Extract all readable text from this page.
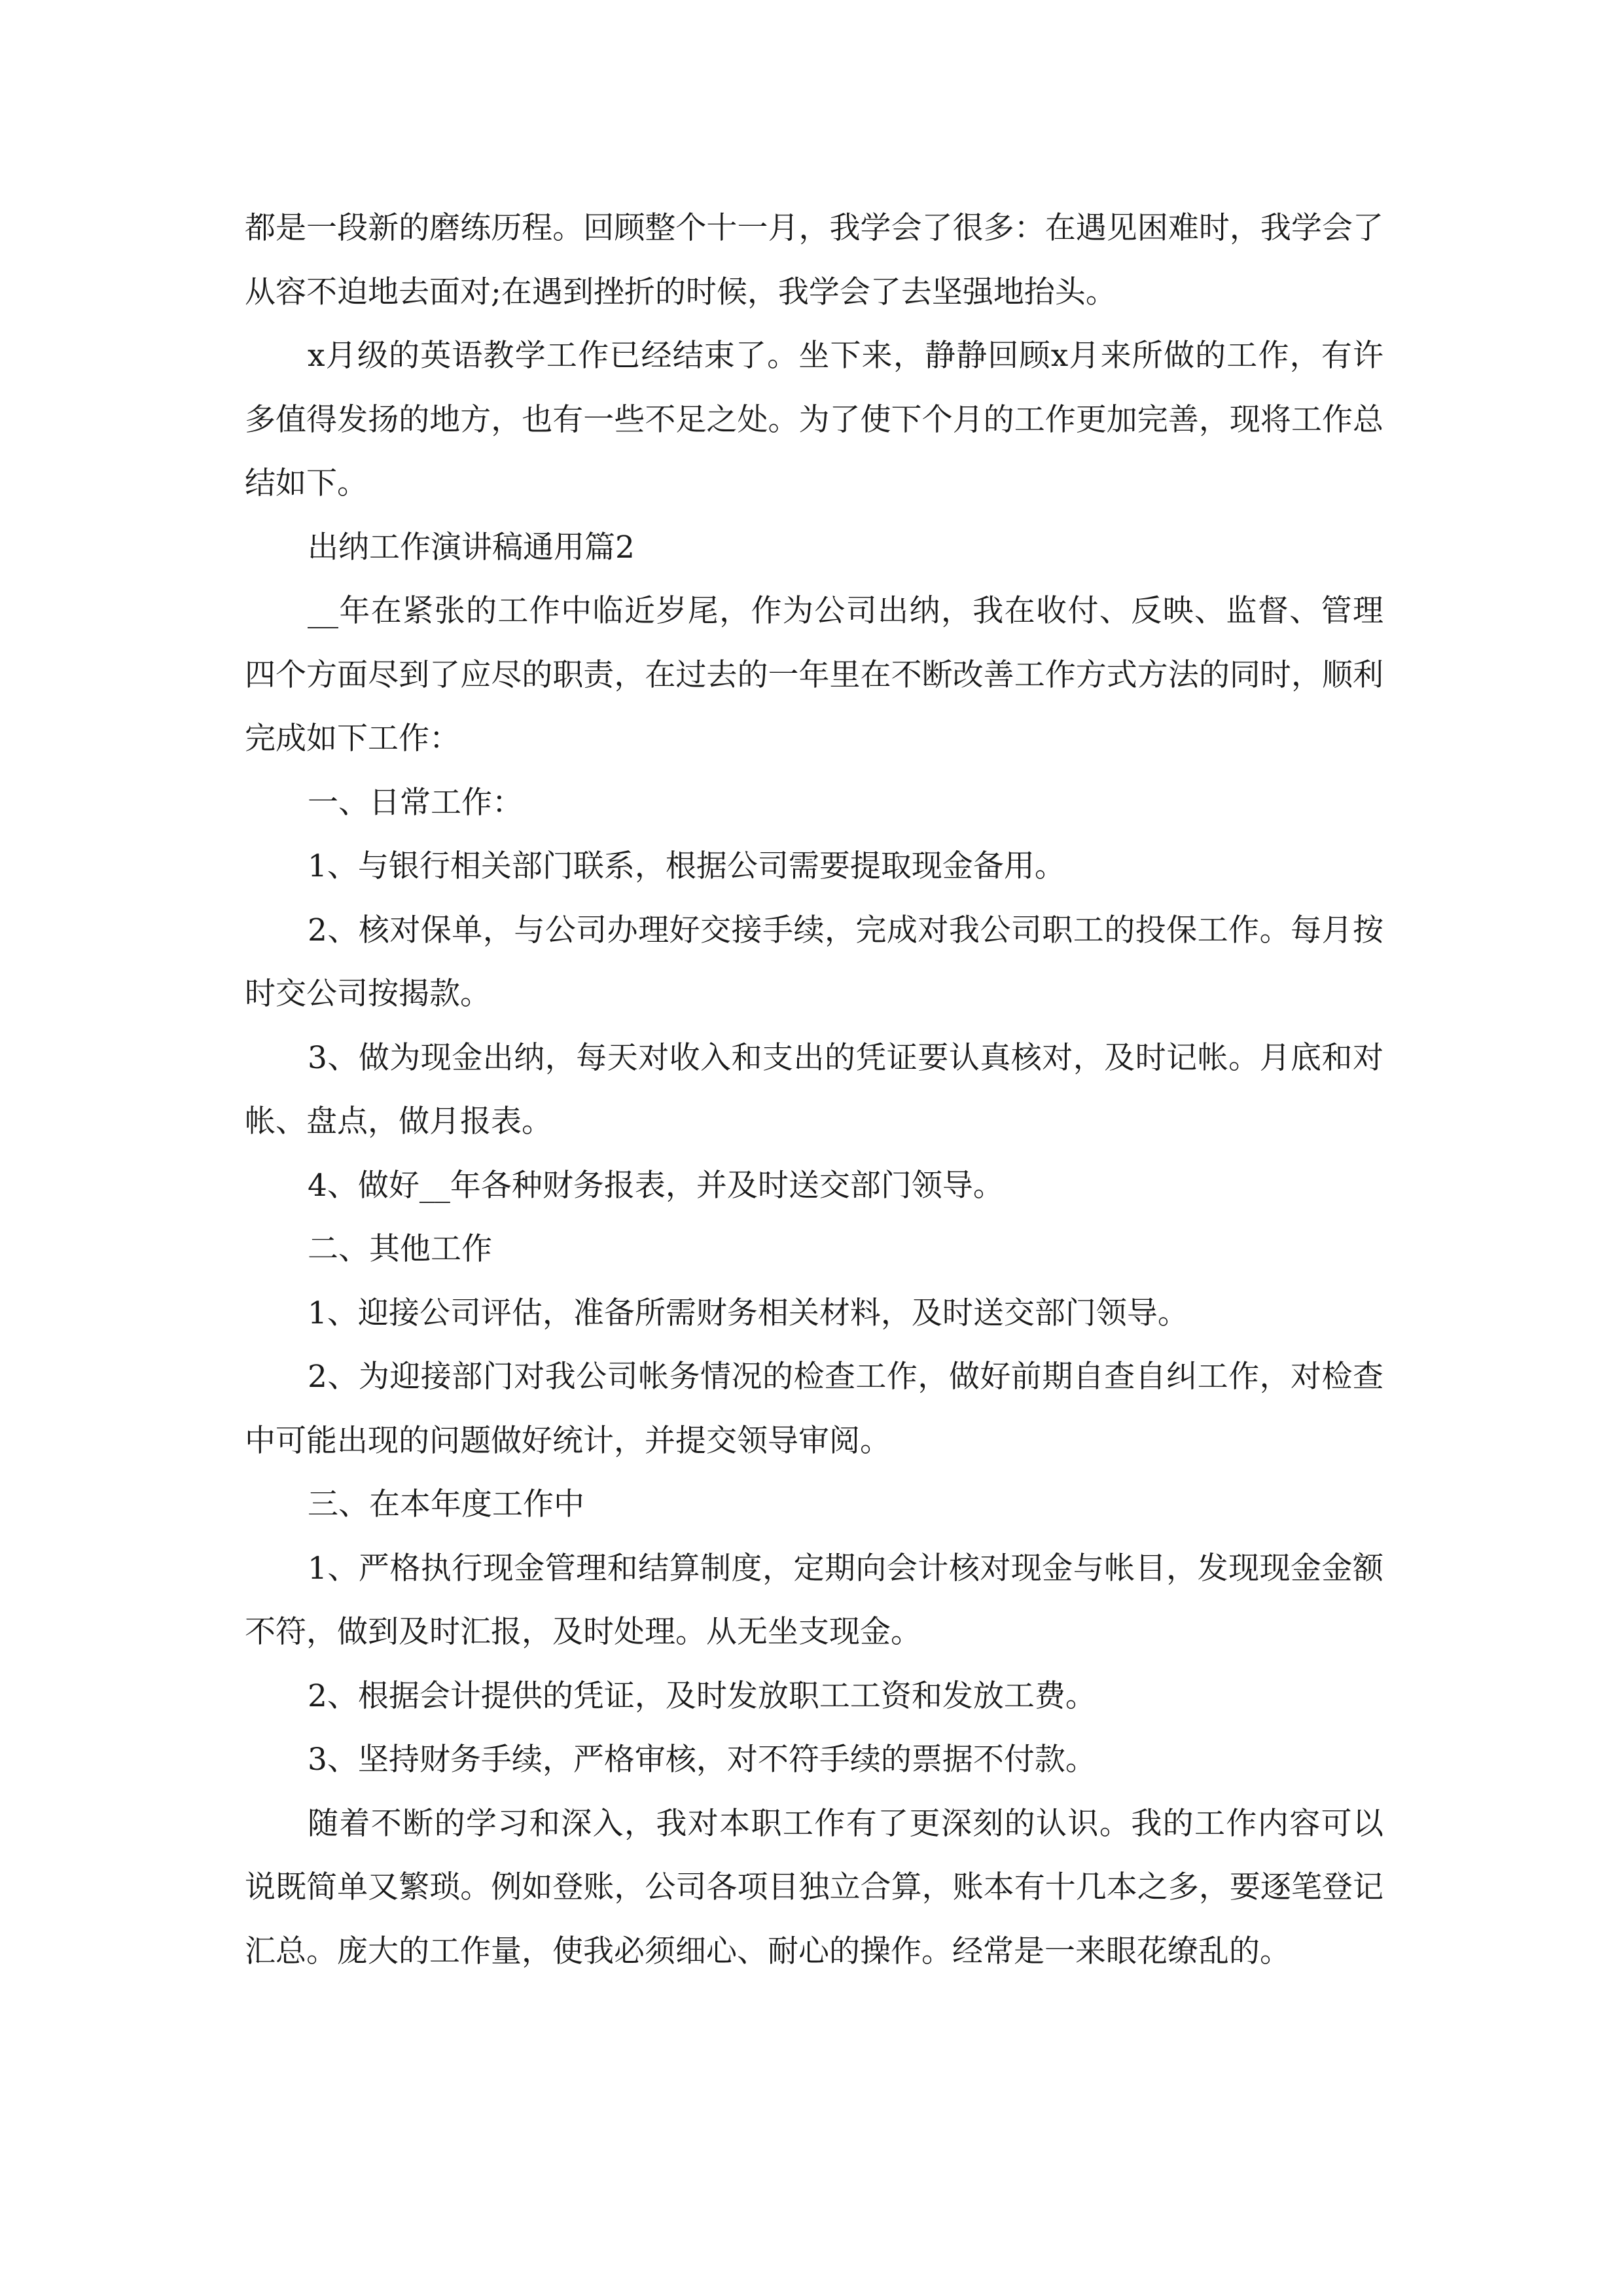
都是一段新的磨练历程。回顾整个十一月，我学会了很多：在遇见困难时，我学会了从容不迫地去面对;在遇到挫折的时候，我学会了去坚强地抬头。

x月级的英语教学工作已经结束了。坐下来，静静回顾x月来所做的工作，有许多值得发扬的地方，也有一些不足之处。为了使下个月的工作更加完善，现将工作总结如下。

出纳工作演讲稿通用篇2

__年在紧张的工作中临近岁尾，作为公司出纳，我在收付、反映、监督、管理四个方面尽到了应尽的职责，在过去的一年里在不断改善工作方式方法的同时，顺利完成如下工作：

一、日常工作：

1、与银行相关部门联系，根据公司需要提取现金备用。

2、核对保单，与公司办理好交接手续，完成对我公司职工的投保工作。每月按时交公司按揭款。

3、做为现金出纳，每天对收入和支出的凭证要认真核对，及时记帐。月底和对帐、盘点，做月报表。

4、做好__年各种财务报表，并及时送交部门领导。

二、其他工作

1、迎接公司评估，准备所需财务相关材料，及时送交部门领导。

2、为迎接部门对我公司帐务情况的检查工作，做好前期自查自纠工作，对检查中可能出现的问题做好统计，并提交领导审阅。

三、在本年度工作中

1、严格执行现金管理和结算制度，定期向会计核对现金与帐目，发现现金金额不符，做到及时汇报，及时处理。从无坐支现金。

2、根据会计提供的凭证，及时发放职工工资和发放工费。

3、坚持财务手续，严格审核，对不符手续的票据不付款。

随着不断的学习和深入，我对本职工作有了更深刻的认识。我的工作内容可以说既简单又繁琐。例如登账，公司各项目独立合算，账本有十几本之多，要逐笔登记汇总。庞大的工作量，使我必须细心、耐心的操作。经常是一来眼花缭乱的。
